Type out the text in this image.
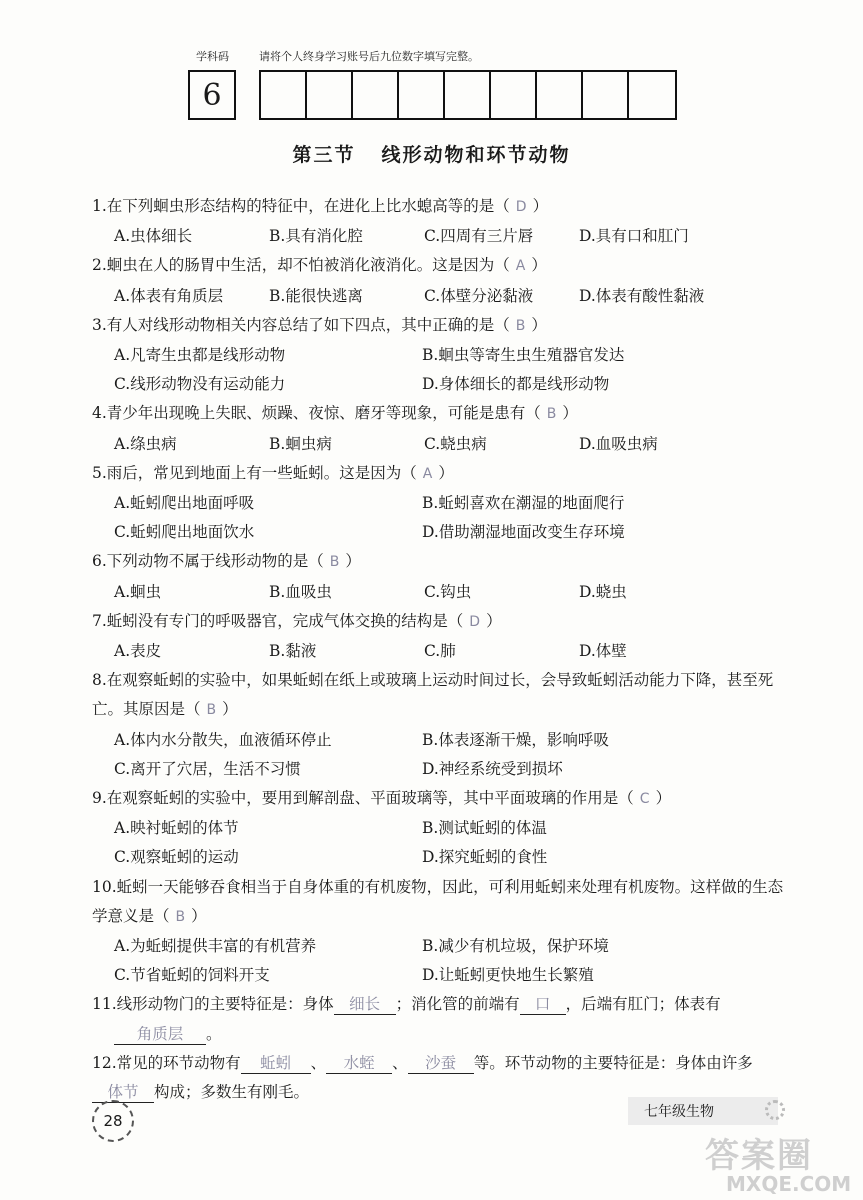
学科码	请将个人终身学习账号后九位数字填写完整。
6
第三节 线形动物和环节动物
1.在下列蛔虫形态结构的特征中，在进化上比水螅高等的是（ D ）
A.虫体细长	B.具有消化腔	C.四周有三片唇	D.具有口和肛门
2.蛔虫在人的肠胃中生活，却不怕被消化液消化。这是因为（ A ）
A.体表有角质层	B.能很快逃离	C.体壁分泌黏液	D.体表有酸性黏液
3.有人对线形动物相关内容总结了如下四点，其中正确的是（ B ）
A.凡寄生虫都是线形动物	B.蛔虫等寄生虫生殖器官发达
C.线形动物没有运动能力	D.身体细长的都是线形动物
4.青少年出现晚上失眠、烦躁、夜惊、磨牙等现象，可能是患有（ B ）
A.绦虫病	B.蛔虫病	C.蛲虫病	D.血吸虫病
5.雨后，常见到地面上有一些蚯蚓。这是因为（ A ）
A.蚯蚓爬出地面呼吸	B.蚯蚓喜欢在潮湿的地面爬行
C.蚯蚓爬出地面饮水	D.借助潮湿地面改变生存环境
6.下列动物不属于线形动物的是（ B ）
A.蛔虫	B.血吸虫	C.钩虫	D.蛲虫
7.蚯蚓没有专门的呼吸器官，完成气体交换的结构是（ D ）
A.表皮	B.黏液	C.肺	D.体壁
8.在观察蚯蚓的实验中，如果蚯蚓在纸上或玻璃上运动时间过长，会导致蚯蚓活动能力下降，甚至死亡。其原因是（ B ）
A.体内水分散失，血液循环停止	B.体表逐渐干燥，影响呼吸
C.离开了穴居，生活不习惯	D.神经系统受到损坏
9.在观察蚯蚓的实验中，要用到解剖盘、平面玻璃等，其中平面玻璃的作用是（ C ）
A.映衬蚯蚓的体节	B.测试蚯蚓的体温
C.观察蚯蚓的运动	D.探究蚯蚓的食性
10.蚯蚓一天能够吞食相当于自身体重的有机废物，因此，可利用蚯蚓来处理有机废物。这样做的生态学意义是（ B ）
A.为蚯蚓提供丰富的有机营养	B.减少有机垃圾，保护环境
C.节省蚯蚓的饲料开支	D.让蚯蚓更快地生长繁殖
11.线形动物门的主要特征是：身体 细长 ；消化管的前端有 口 ，后端有肛门；体表有
角质层 。
12.常见的环节动物有 蚯蚓 、 水蛭 、 沙蚕 等。环节动物的主要特征是：身体由许多体节 构成；多数生有刚毛。
28	七年级生物
答案圈
MXQE.COM
